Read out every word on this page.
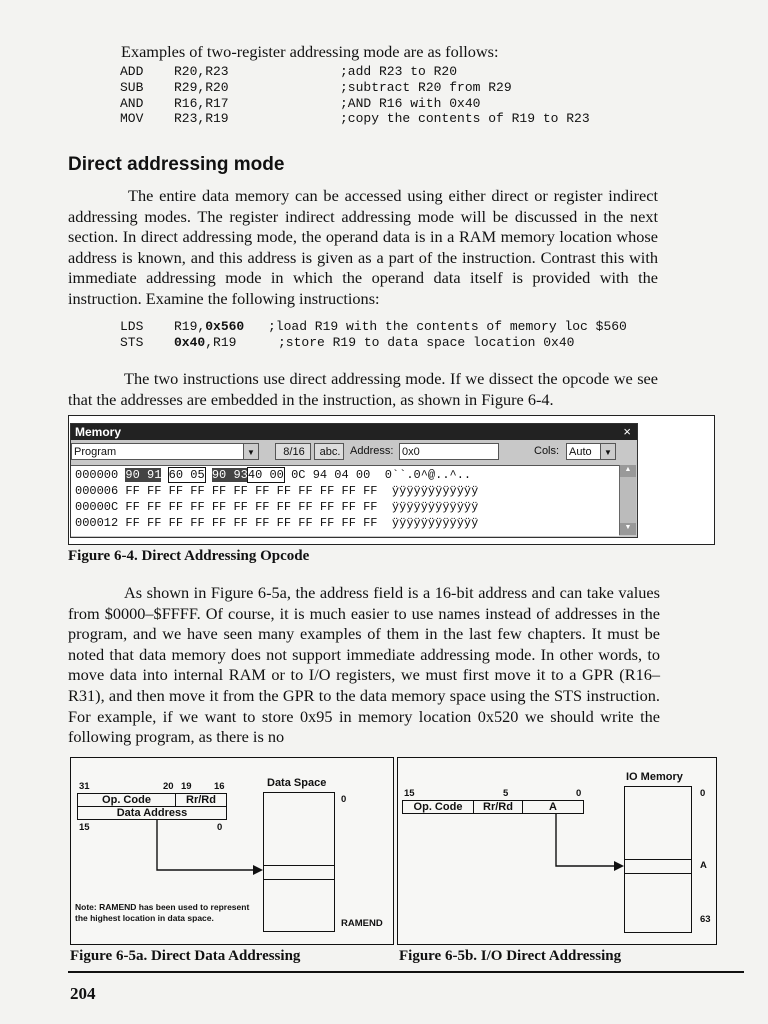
Examples of two-register addressing mode are as follows:
ADD R20,R23	;add R23 to R20
SUB R29,R20	;subtract R20 from R29
AND R16,R17	;AND R16 with 0x40
MOV R23,R19	;copy the contents of R19 to R23
Direct addressing mode
The entire data memory can be accessed using either direct or register indirect addressing modes. The register indirect addressing mode will be discussed in the next section. In direct addressing mode, the operand data is in a RAM memory location whose address is known, and this address is given as a part of the instruction. Contrast this with immediate addressing mode in which the operand data itself is provided with the instruction. Examine the following instructions:
LDS R19,0x560 ;load R19 with the contents of memory loc $560
STS 0x40,R19	;store R19 to data space location 0x40
The two instructions use direct addressing mode. If we dissect the opcode we see that the addresses are embedded in the instruction, as shown in Figure 6-4.
Memory	×
Program	▼	8/16	abc. Address: 0x0	Cols: Auto	▼
000000 90 91 60 05 90 9340 00 0C 94 04 00 0``.0^@..^..
000006 FF FF FF FF FF FF FF FF FF FF FF FF ÿÿÿÿÿÿÿÿÿÿÿÿ
00000C FF FF FF FF FF FF FF FF FF FF FF FF ÿÿÿÿÿÿÿÿÿÿÿÿ
000012 FF FF FF FF FF FF FF FF FF FF FF FF ÿÿÿÿÿÿÿÿÿÿÿÿ
▲
▼
Figure 6-4. Direct Addressing Opcode
As shown in Figure 6-5a, the address field is a 16-bit address and can take values from $0000–$FFFF. Of course, it is much easier to use names instead of addresses in the program, and we have seen many examples of them in the last few chapters. It must be noted that data memory does not support immediate addressing mode. In other words, to move data into internal RAM or to I/O registers, we must first move it to a GPR (R16–R31), and then move it from the GPR to the data memory space using the STS instruction. For example, if we want to store 0x95 in memory location 0x520 we should write the following program, as there is no
31	20 19 16
Op. Code	Rr/Rd
Data Address
15	0
Data Space
0
RAMEND
Note: RAMEND has been used to represent the highest location in data space.
Figure 6-5a. Direct Data Addressing
15	5	0
Op. Code	Rr/Rd	A
IO Memory
0
A
63
Figure 6-5b. I/O Direct Addressing
204
